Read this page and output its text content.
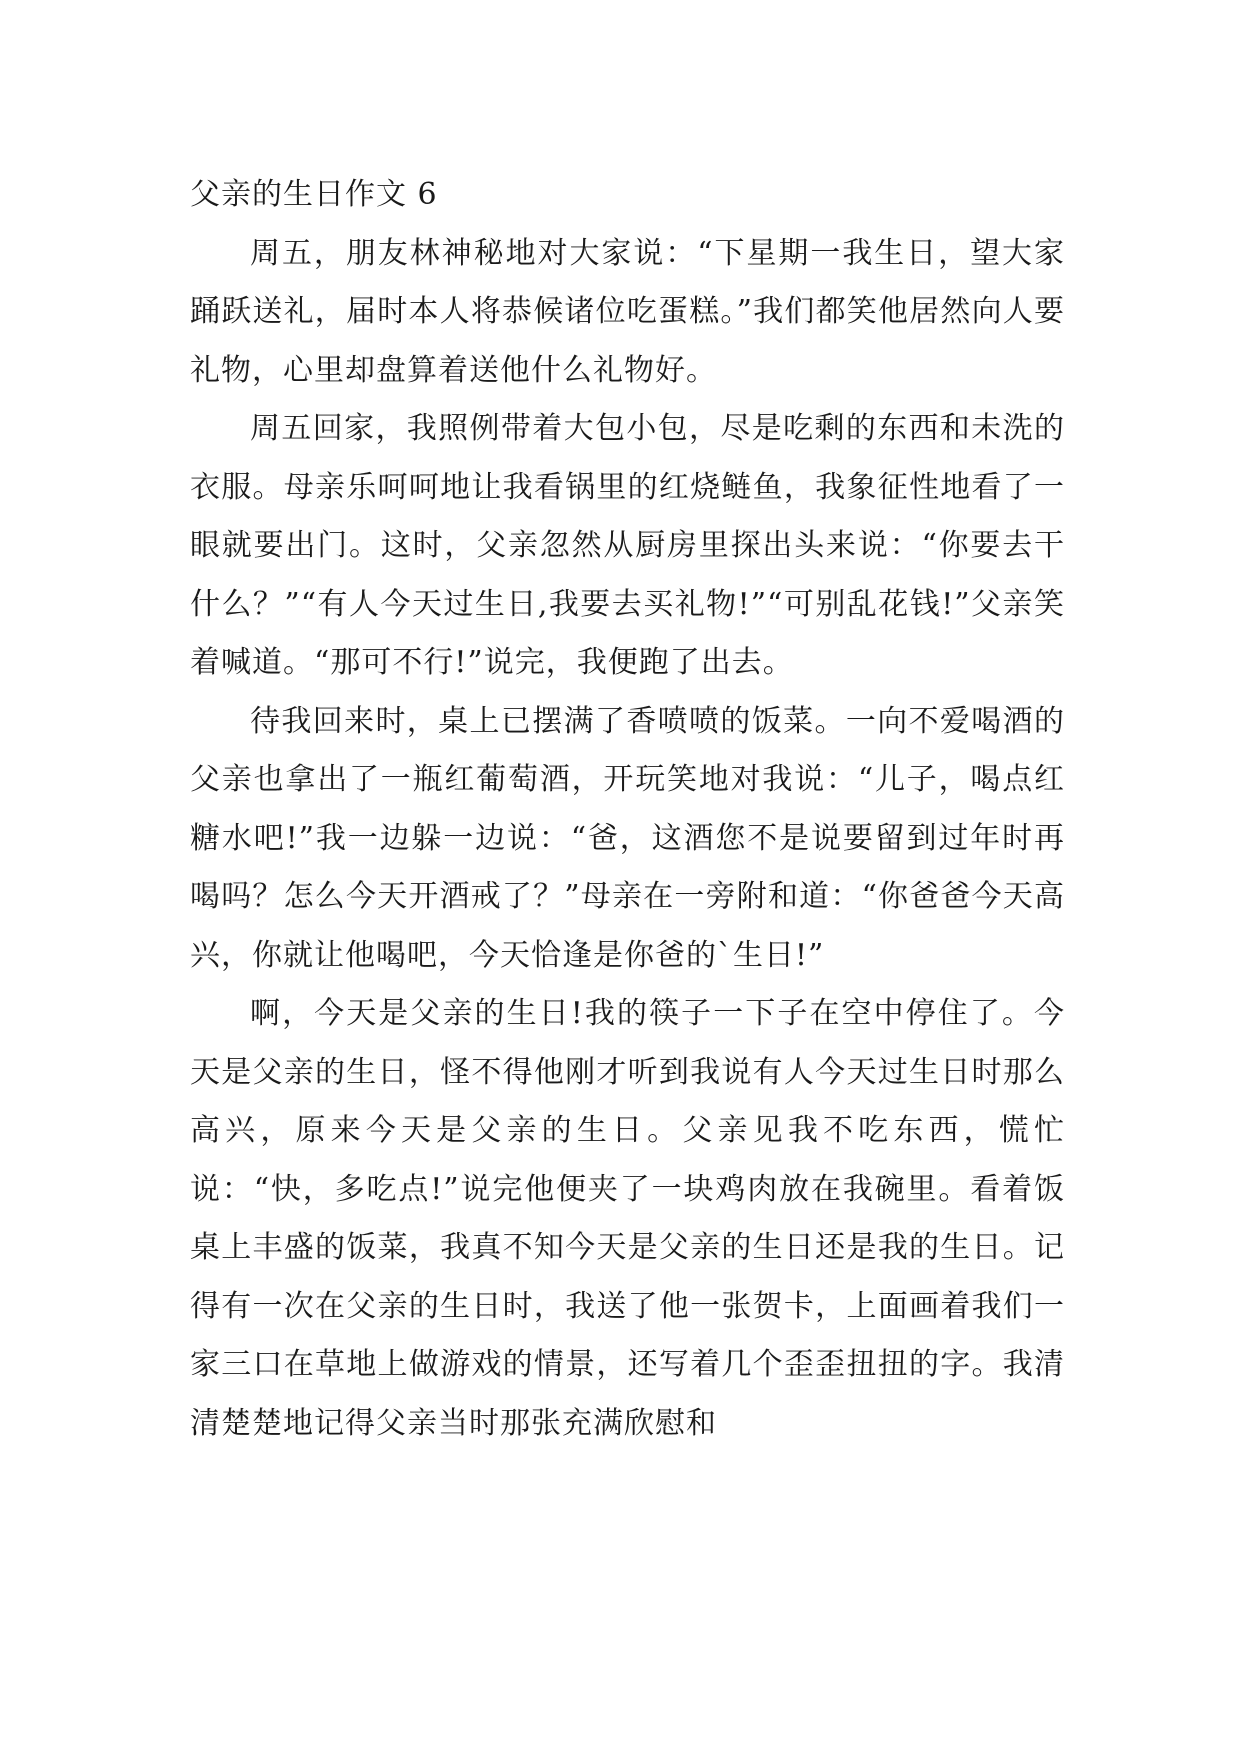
父亲的生日作文 6

周五，朋友林神秘地对大家说：“下星期一我生日，望大家踊跃送礼，届时本人将恭候诸位吃蛋糕。”我们都笑他居然向人要礼物，心里却盘算着送他什么礼物好。

周五回家，我照例带着大包小包，尽是吃剩的东西和未洗的衣服。母亲乐呵呵地让我看锅里的红烧鲢鱼，我象征性地看了一眼就要出门。这时，父亲忽然从厨房里探出头来说：“你要去干什么？”“有人今天过生日,我要去买礼物!”“可别乱花钱!”父亲笑着喊道。“那可不行!”说完，我便跑了出去。

待我回来时，桌上已摆满了香喷喷的饭菜。一向不爱喝酒的父亲也拿出了一瓶红葡萄酒，开玩笑地对我说：“儿子，喝点红糖水吧!”我一边躲一边说：“爸，这酒您不是说要留到过年时再喝吗？怎么今天开酒戒了？”母亲在一旁附和道：“你爸爸今天高兴，你就让他喝吧，今天恰逢是你爸的`生日!”

啊，今天是父亲的生日!我的筷子一下子在空中停住了。今天是父亲的生日，怪不得他刚才听到我说有人今天过生日时那么高兴，原来今天是父亲的生日。父亲见我不吃东西，慌忙说：“快，多吃点!”说完他便夹了一块鸡肉放在我碗里。看着饭桌上丰盛的饭菜，我真不知今天是父亲的生日还是我的生日。记得有一次在父亲的生日时，我送了他一张贺卡，上面画着我们一家三口在草地上做游戏的情景，还写着几个歪歪扭扭的字。我清清楚楚地记得父亲当时那张充满欣慰和
